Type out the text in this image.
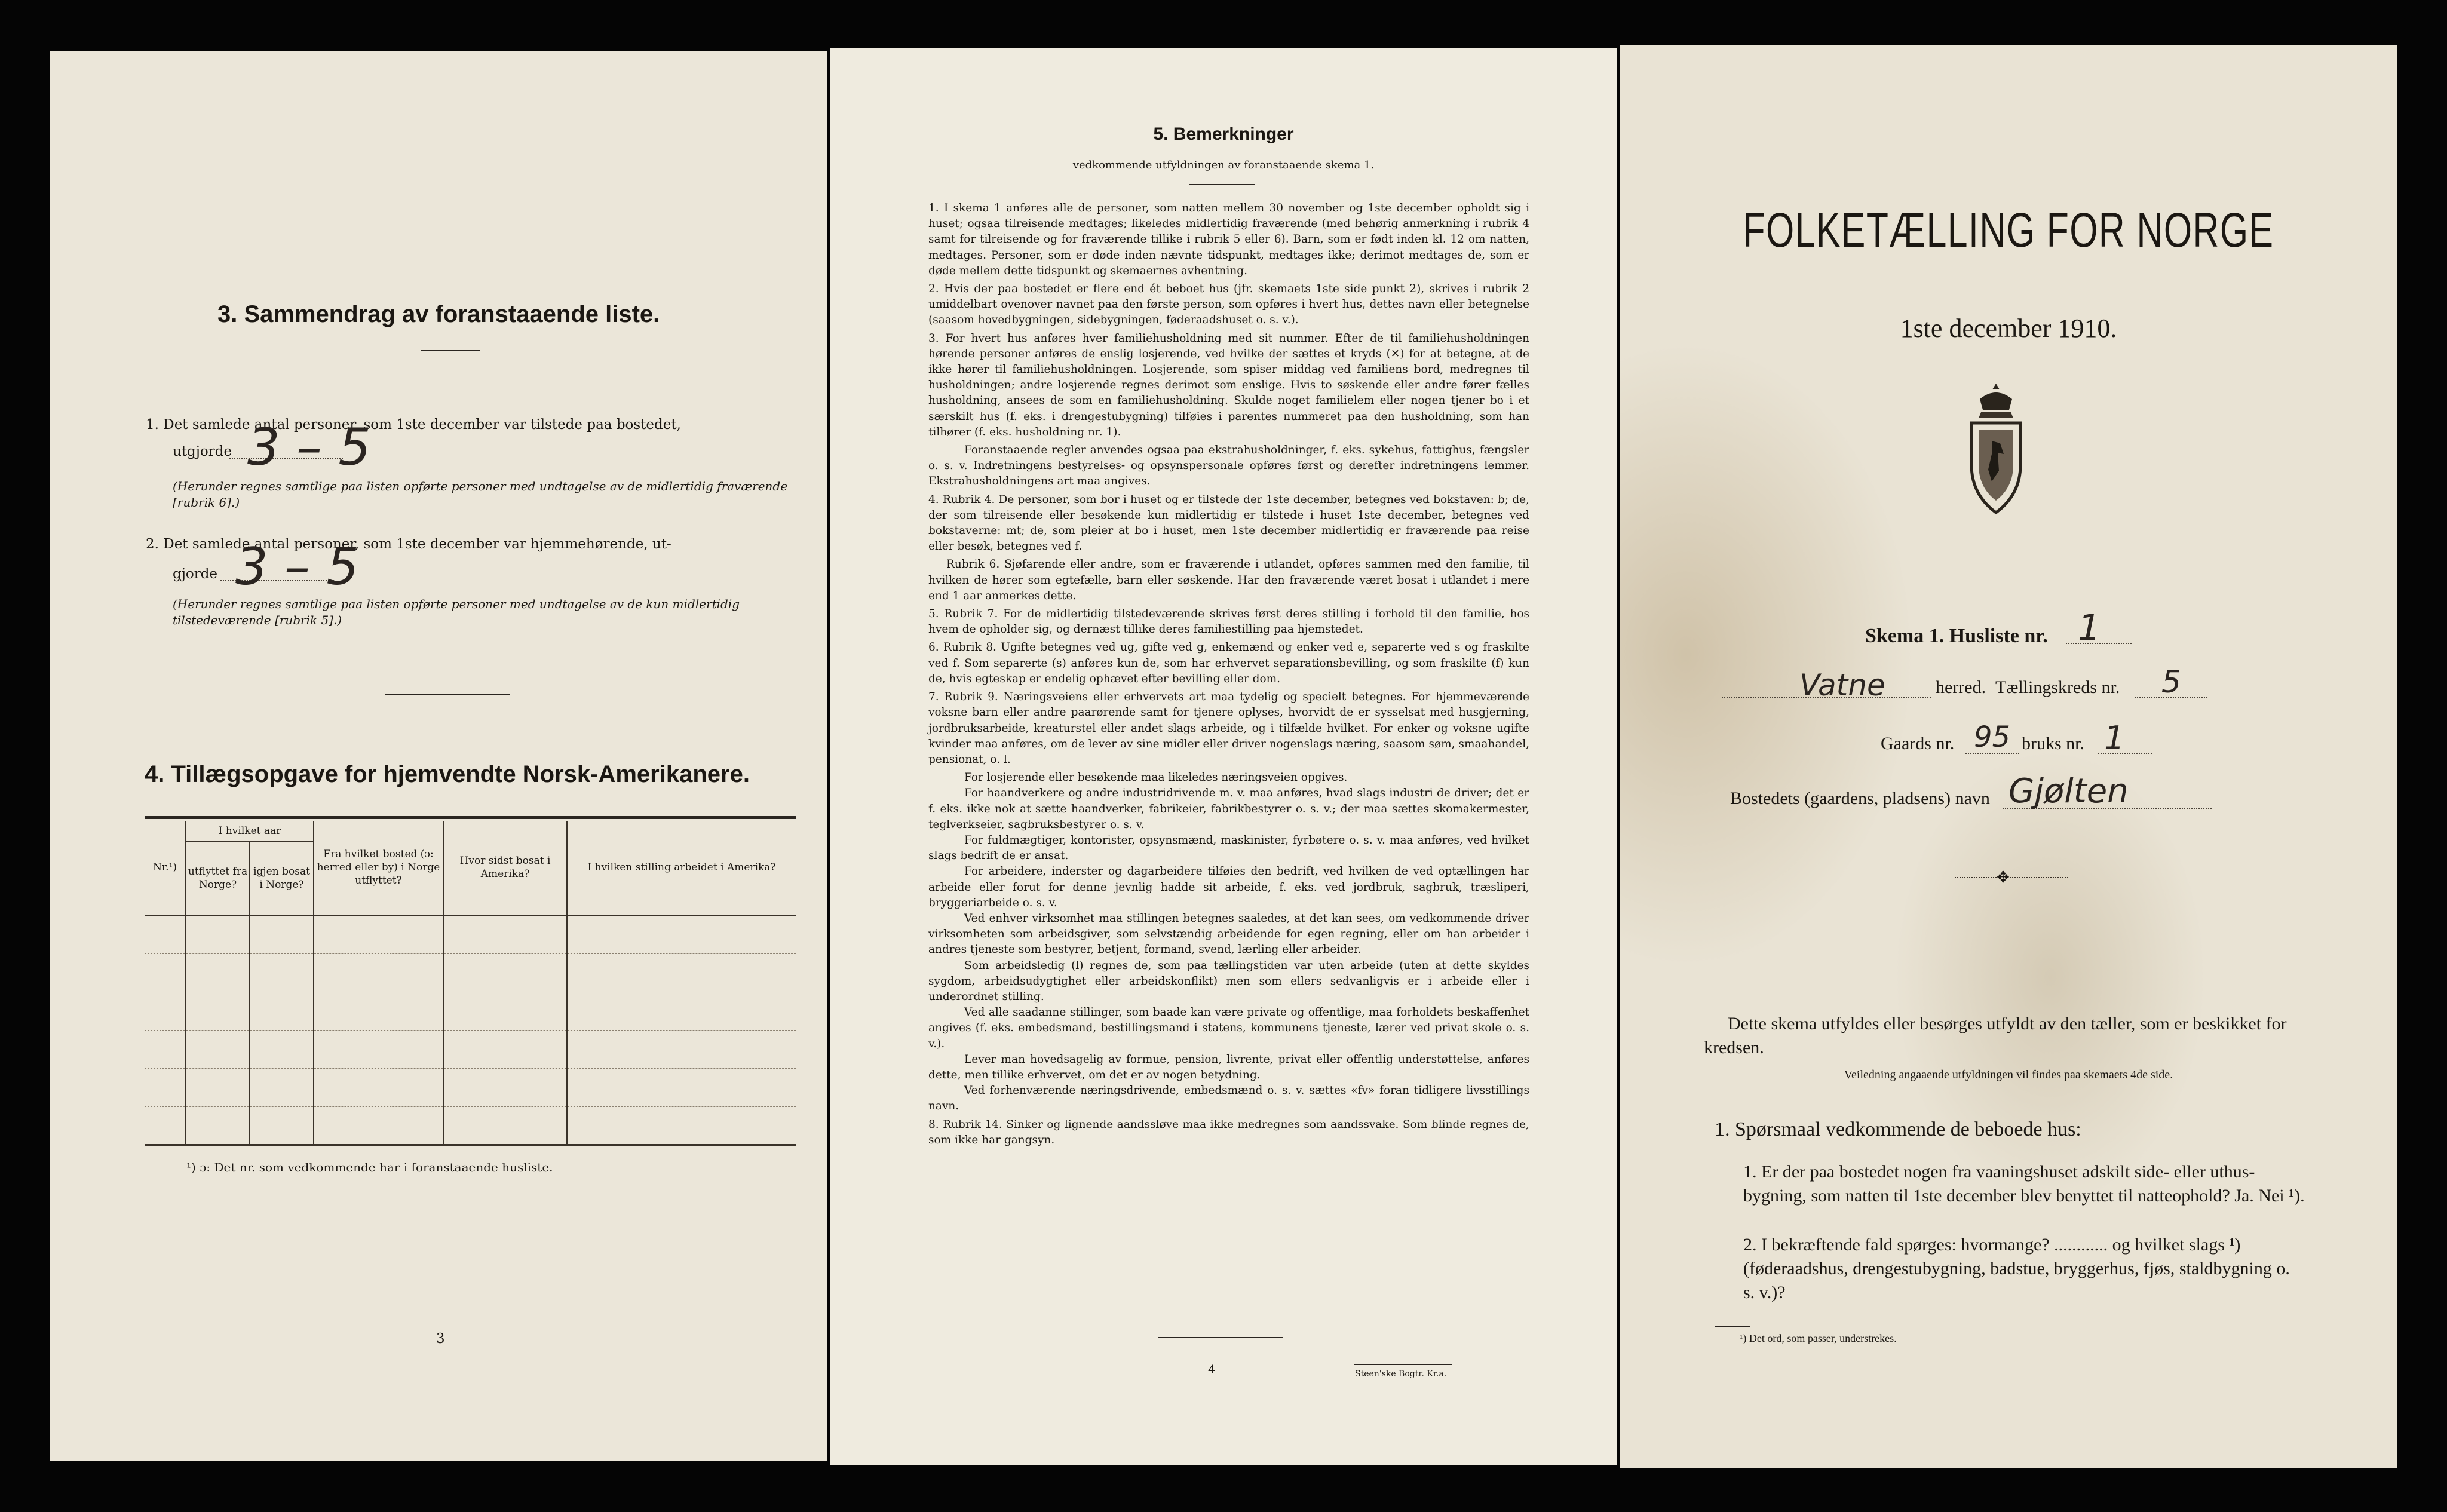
3. Sammendrag av foranstaaende liste.
1. Det samlede antal personer, som 1ste december var tilstede paa bostedet,
utgjorde 3 – 5
(Herunder regnes samtlige paa listen opførte personer med undtagelse av de midlertidig fraværende [rubrik 6].)
2. Det samlede antal personer, som 1ste december var hjemmehørende, ut-
gjorde 3 – 5
(Herunder regnes samtlige paa listen opførte personer med undtagelse av de kun midlertidig tilstedeværende [rubrik 5].)
4. Tillægsopgave for hjemvendte Norsk-Amerikanere.
Nr.¹)	I hvilket aar		Fra hvilket bosted (ɔ: herred eller by) i Norge utflyttet?	Hvor sidst bosat i Amerika?	I hvilken stilling arbeidet i Amerika?
	utflyttet fra Norge?	igjen bosat i Norge?			

¹) ɔ: Det nr. som vedkommende har i foranstaaende husliste.
3
5. Bemerkninger
vedkommende utfyldningen av foranstaaende skema 1.

1. I skema 1 anføres alle de personer, som natten mellem 30 november og 1ste december opholdt sig i huset; ogsaa tilreisende medtages; likeledes midlertidig fraværende (med behørig anmerkning i rubrik 4 samt for tilreisende og for fraværende tillike i rubrik 5 eller 6). Barn, som er født inden kl. 12 om natten, medtages. Personer, som er døde inden nævnte tidspunkt, medtages ikke; derimot medtages de, som er døde mellem dette tidspunkt og skemaernes avhentning.

2. Hvis der paa bostedet er flere end ét beboet hus (jfr. skemaets 1ste side punkt 2), skrives i rubrik 2 umiddelbart ovenover navnet paa den første person, som opføres i hvert hus, dettes navn eller betegnelse (saasom hovedbygningen, sidebygningen, føderaadshuset o. s. v.).

3. For hvert hus anføres hver familiehusholdning med sit nummer. Efter de til familiehusholdningen hørende personer anføres de enslig losjerende, ved hvilke der sættes et kryds (✕) for at betegne, at de ikke hører til familiehusholdningen. Losjerende, som spiser middag ved familiens bord, medregnes til husholdningen; andre losjerende regnes derimot som enslige. Hvis to søskende eller andre fører fælles husholdning, ansees de som en familiehusholdning. Skulde noget familielem eller nogen tjener bo i et særskilt hus (f. eks. i drengestubygning) tilføies i parentes nummeret paa den husholdning, som han tilhører (f. eks. husholdning nr. 1).

Foranstaaende regler anvendes ogsaa paa ekstrahusholdninger, f. eks. sykehus, fattighus, fængsler o. s. v. Indretningens bestyrelses- og opsynspersonale opføres først og derefter indretningens lemmer. Ekstrahusholdningens art maa angives.

4. Rubrik 4. De personer, som bor i huset og er tilstede der 1ste december, betegnes ved bokstaven: b; de, der som tilreisende eller besøkende kun midlertidig er tilstede i huset 1ste december, betegnes ved bokstaverne: mt; de, som pleier at bo i huset, men 1ste december midlertidig er fraværende paa reise eller besøk, betegnes ved f.

Rubrik 6. Sjøfarende eller andre, som er fraværende i utlandet, opføres sammen med den familie, til hvilken de hører som egtefælle, barn eller søskende. Har den fraværende været bosat i utlandet i mere end 1 aar anmerkes dette.

5. Rubrik 7. For de midlertidig tilstedeværende skrives først deres stilling i forhold til den familie, hos hvem de opholder sig, og dernæst tillike deres familiestilling paa hjemstedet.

6. Rubrik 8. Ugifte betegnes ved ug, gifte ved g, enkemænd og enker ved e, separerte ved s og fraskilte ved f. Som separerte (s) anføres kun de, som har erhvervet separationsbevilling, og som fraskilte (f) kun de, hvis egteskap er endelig ophævet efter bevilling eller dom.

7. Rubrik 9. Næringsveiens eller erhvervets art maa tydelig og specielt betegnes. For hjemmeværende voksne barn eller andre paarørende samt for tjenere oplyses, hvorvidt de er sysselsat med husgjerning, jordbruksarbeide, kreaturstel eller andet slags arbeide, og i tilfælde hvilket. For enker og voksne ugifte kvinder maa anføres, om de lever av sine midler eller driver nogenslags næring, saasom søm, smaahandel, pensionat, o. l.

For losjerende eller besøkende maa likeledes næringsveien opgives.

For haandverkere og andre industridrivende m. v. maa anføres, hvad slags industri de driver; det er f. eks. ikke nok at sætte haandverker, fabrikeier, fabrikbestyrer o. s. v.; der maa sættes skomakermester, teglverkseier, sagbruksbestyrer o. s. v.

For fuldmægtiger, kontorister, opsynsmænd, maskinister, fyrbøtere o. s. v. maa anføres, ved hvilket slags bedrift de er ansat.

For arbeidere, inderster og dagarbeidere tilføies den bedrift, ved hvilken de ved optællingen har arbeide eller forut for denne jevnlig hadde sit arbeide, f. eks. ved jordbruk, sagbruk, træsliperi, bryggeriarbeide o. s. v.

Ved enhver virksomhet maa stillingen betegnes saaledes, at det kan sees, om vedkommende driver virksomheten som arbeidsgiver, som selvstændig arbeidende for egen regning, eller om han arbeider i andres tjeneste som bestyrer, betjent, formand, svend, lærling eller arbeider.

Som arbeidsledig (l) regnes de, som paa tællingstiden var uten arbeide (uten at dette skyldes sygdom, arbeidsudygtighet eller arbeidskonflikt) men som ellers sedvanligvis er i arbeide eller i underordnet stilling.

Ved alle saadanne stillinger, som baade kan være private og offentlige, maa forholdets beskaffenhet angives (f. eks. embedsmand, bestillingsmand i statens, kommunens tjeneste, lærer ved privat skole o. s. v.).

Lever man hovedsagelig av formue, pension, livrente, privat eller offentlig understøttelse, anføres dette, men tillike erhvervet, om det er av nogen betydning.

Ved forhenværende næringsdrivende, embedsmænd o. s. v. sættes «fv» foran tidligere livsstillings navn.

8. Rubrik 14. Sinker og lignende aandssløve maa ikke medregnes som aandssvake. Som blinde regnes de, som ikke har gangsyn.

4	Steen'ske Bogtr. Kr.a.
FOLKETÆLLING FOR NORGE
1ste december 1910.
Skema 1. Husliste nr. 1
Vatne	herred. Tællingskreds nr. 5
Gaards nr. 95 bruks nr. 1
Bostedets (gaardens, pladsens) navn Gjølten
✥
Dette skema utfyldes eller besørges utfyldt av den tæller, som er beskikket for kredsen.
Veiledning angaaende utfyldningen vil findes paa skemaets 4de side.
1. Spørsmaal vedkommende de beboede hus:
1. Er der paa bostedet nogen fra vaaningshuset adskilt side- eller uthus-bygning, som natten til 1ste december blev benyttet til natteophold? Ja. Nei ¹).
2. I bekræftende fald spørges: hvormange? ............ og hvilket slags ¹) (føderaadshus, drengestubygning, badstue, bryggerhus, fjøs, staldbygning o. s. v.)?
¹) Det ord, som passer, understrekes.
